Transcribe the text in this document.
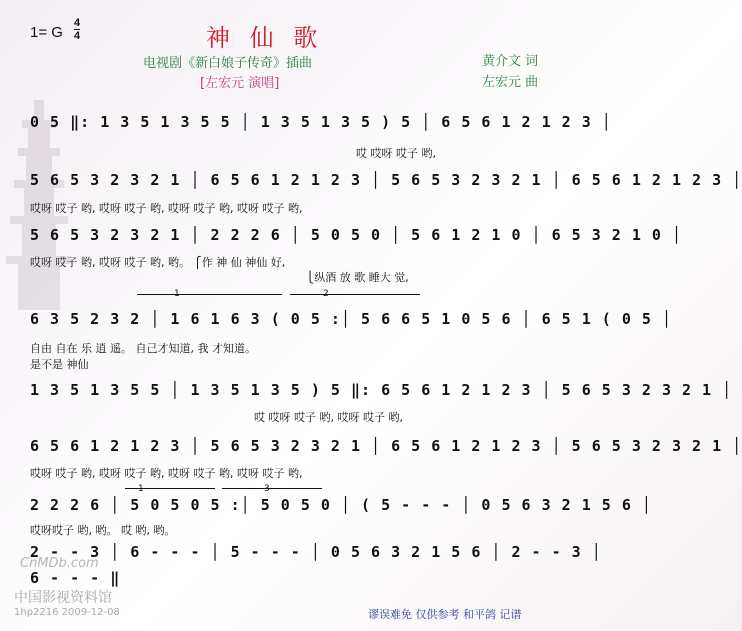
1= G
4
4	神 仙 歌
电视剧《新白娘子传奇》插曲
[左宏元 演唱]
黄介文 词
左宏元 曲
0 5 ‖: 1 3 5 1 3 5 5 │ 1 3 5 1 3 5 ) 5 │ 6 5 6 1 2 1 2 3 │
哎 哎呀 哎子 哟,
5 6 5 3 2 3 2 1 │ 6 5 6 1 2 1 2 3 │ 5 6 5 3 2 3 2 1 │ 6 5 6 1 2 1 2 3 │
哎呀 哎子 哟, 哎呀 哎子 哟, 哎呀 哎子 哟, 哎呀 哎子 哟,
5 6 5 3 2 3 2 1 │ 2 2 2 6 │ 5 0 5 0 │ 5 6 1 2 1 0 │ 6 5 3 2 1 0 │
哎呀 哎子 哟, 哎呀 哎子 哟, 哟。 ⎧作 神 仙 神仙 好,
⎩纵酒 放 歌 睡大 觉,
1	2
6 3 5 2 3 2 │ 1 6 1 6 3 ( 0 5 :│ 5 6 6 5 1 0 5 6 │ 6 5 1 ( 0 5 │
自由 自在 乐 逍 遥。 自己才知道, 我 才知道。
是不是 神仙
1 3 5 1 3 5 5 │ 1 3 5 1 3 5 ) 5 ‖: 6 5 6 1 2 1 2 3 │ 5 6 5 3 2 3 2 1 │
哎 哎呀 哎子 哟, 哎呀 哎子 哟,
6 5 6 1 2 1 2 3 │ 5 6 5 3 2 3 2 1 │ 6 5 6 1 2 1 2 3 │ 5 6 5 3 2 3 2 1 │
哎呀 哎子 哟, 哎呀 哎子 哟, 哎呀 哎子 哟, 哎呀 哎子 哟,
1	3
2 2 2 6 │ 5 0 5 0 5 :│ 5 0 5 0 │ ( 5 - - - │ 0 5 6 3 2 1 5 6 │
哎呀哎子 哟, 哟。 哎 哟, 哟。
2 - - 3 │ 6 - - - │ 5 - - - │ 0 5 6 3 2 1 5 6 │ 2 - - 3 │
6 - - - ‖
CnMDb.com
中国影视资料馆
1hp2216 2009-12-08	谬误难免 仅供参考 和平鸽 记谱
